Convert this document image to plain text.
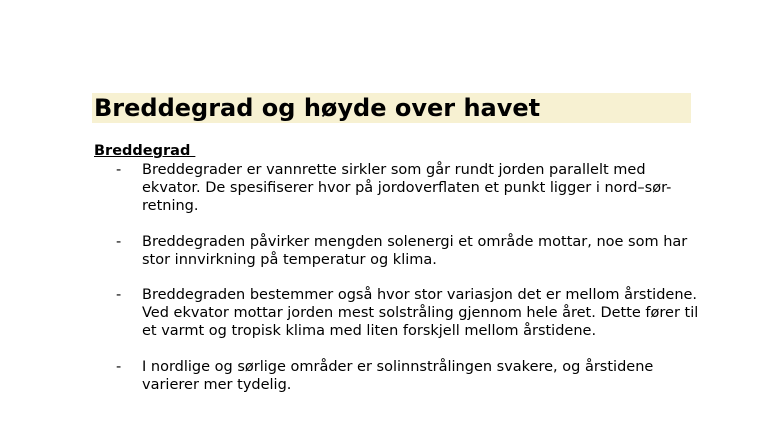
Breddegrad og høyde over havet
Breddegrad
- Breddegrader er vannrette sirkler som går rundt jorden parallelt med ekvator. De spesifiserer hvor på jordoverflaten et punkt ligger i nord–sør-retning.
- Breddegraden påvirker mengden solenergi et område mottar, noe som har stor innvirkning på temperatur og klima.
- Breddegraden bestemmer også hvor stor variasjon det er mellom årstidene. Ved ekvator mottar jorden mest solstråling gjennom hele året. Dette fører til et varmt og tropisk klima med liten forskjell mellom årstidene.
- I nordlige og sørlige områder er solinnstrålingen svakere, og årstidene varierer mer tydelig.
